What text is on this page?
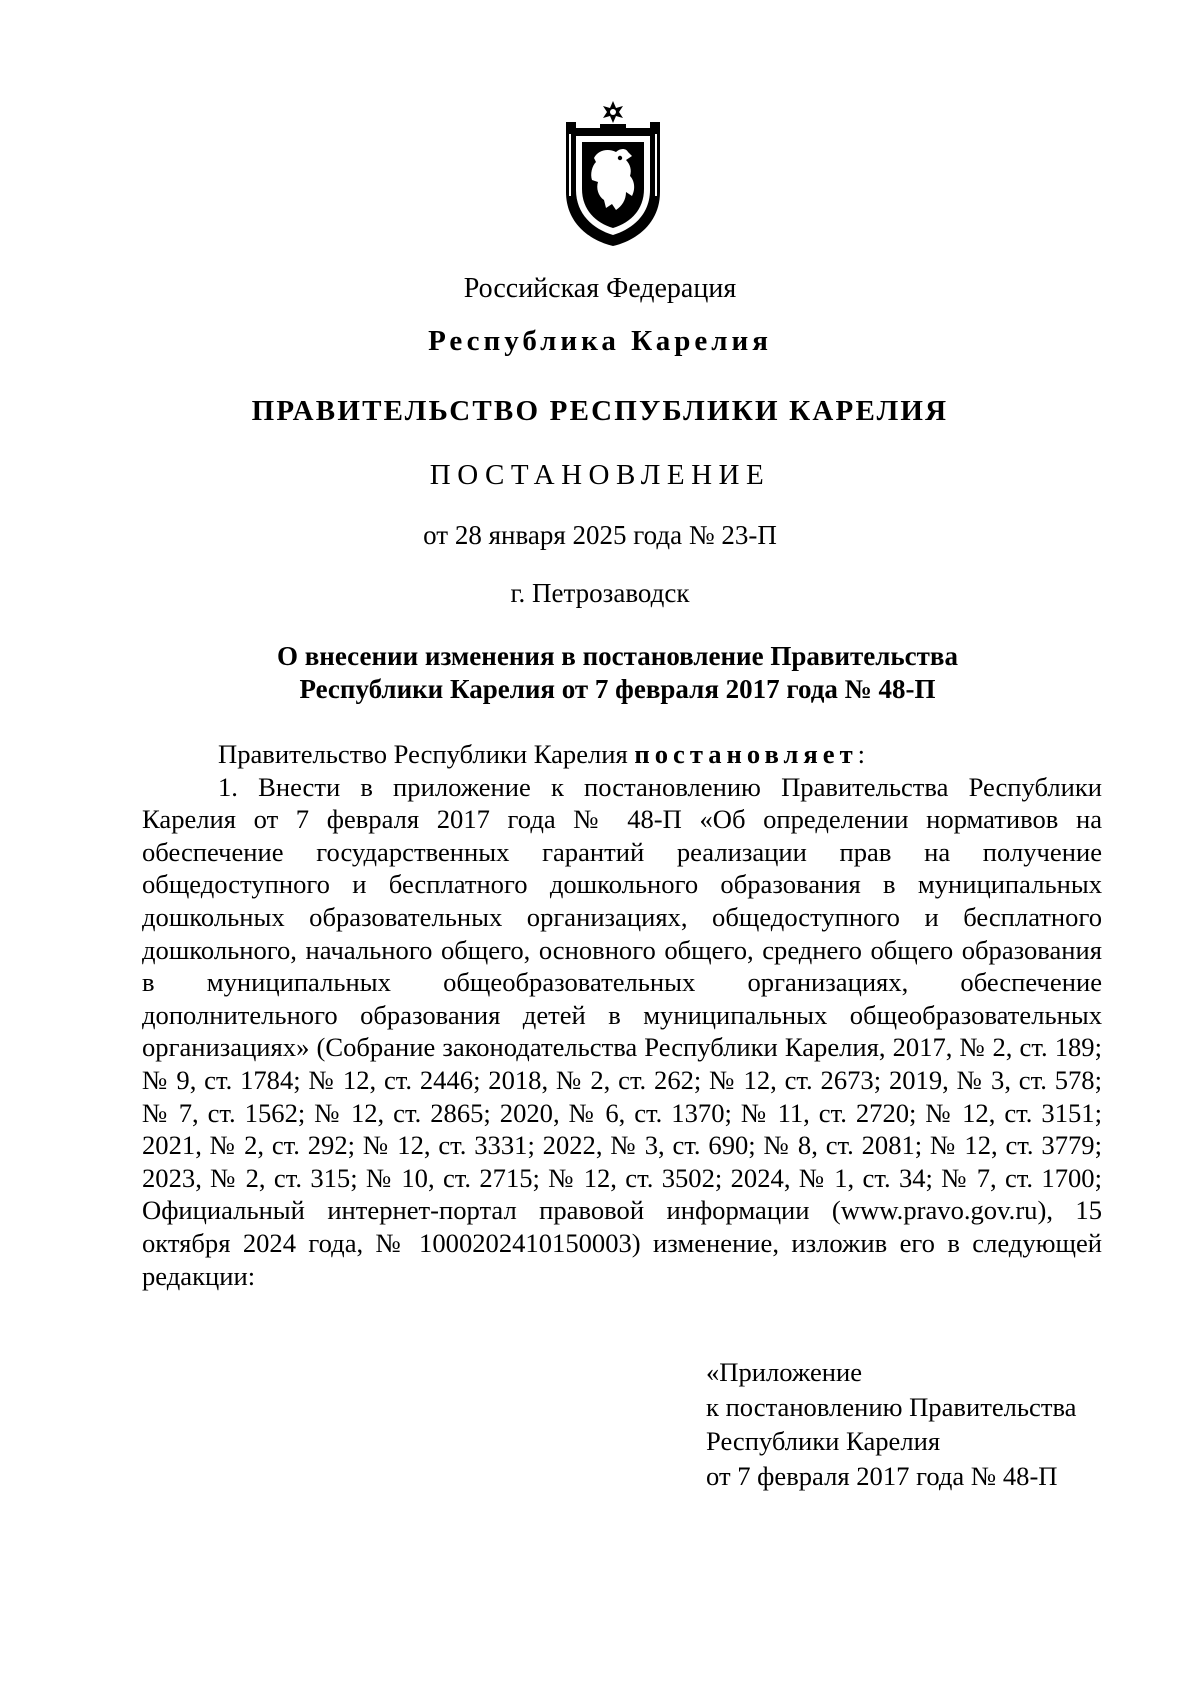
Российская Федерация
Республика Карелия
ПРАВИТЕЛЬСТВО РЕСПУБЛИКИ КАРЕЛИЯ
ПОСТАНОВЛЕНИЕ
от 28 января 2025 года № 23-П
г. Петрозаводск
О внесении изменения в постановление Правительства
Республики Карелия от 7 февраля 2017 года № 48-П

Правительство Республики Карелия постановляет:

1. Внести в приложение к постановлению Правительства Республики Карелия от 7 февраля 2017 года № 48-П «Об определении нормативов на обеспечение государственных гарантий реализации прав на получение общедоступного и бесплатного дошкольного образования в муниципальных дошкольных образовательных организациях, общедоступного и бесплатного дошкольного, начального общего, основного общего, среднего общего образования в муниципальных общеобразовательных организациях, обеспечение дополнительного образования детей в муниципальных общеобразовательных организациях» (Собрание законодательства Республики Карелия, 2017, № 2, ст. 189; № 9, ст. 1784; № 12, ст. 2446; 2018, № 2, ст. 262; № 12, ст. 2673; 2019, № 3, ст. 578; № 7, ст. 1562; № 12, ст. 2865; 2020, № 6, ст. 1370; № 11, ст. 2720; № 12, ст. 3151; 2021, № 2, ст. 292; № 12, ст. 3331; 2022, № 3, ст. 690; № 8, ст. 2081; № 12, ст. 3779; 2023, № 2, ст. 315; № 10, ст. 2715; № 12, ст. 3502; 2024, № 1, ст. 34; № 7, ст. 1700; Официальный интернет-портал правовой информации (www.pravo.gov.ru), 15 октября 2024 года, № 1000202410150003) изменение, изложив его в следующей редакции:

«Приложение
к постановлению Правительства
Республики Карелия
от 7 февраля 2017 года № 48-П
